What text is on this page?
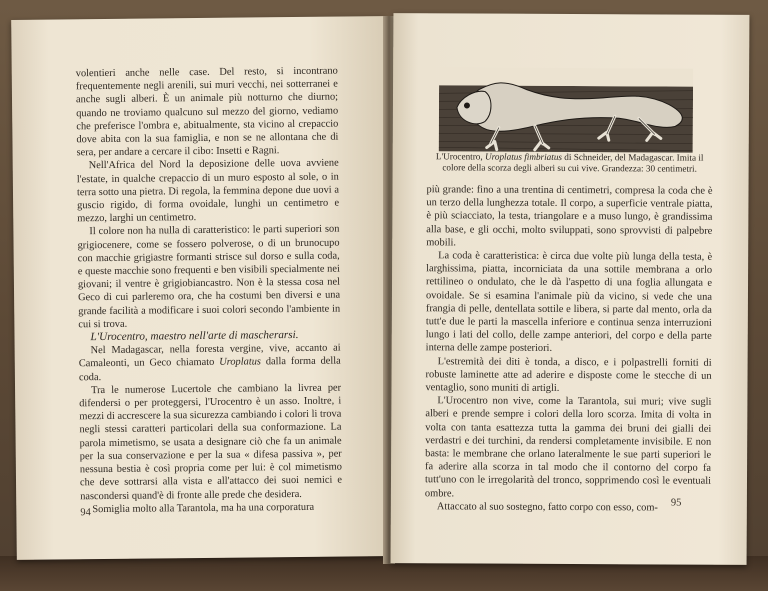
volentieri anche nelle case. Del resto, si incontrano frequentemente negli arenili, sui muri vecchi, nei sotterranei e anche sugli alberi. È un animale più notturno che diurno; quando ne troviamo qualcuno sul mezzo del giorno, vediamo che preferisce l'ombra e, abitualmente, sta vicino al crepaccio dove abita con la sua famiglia, e non se ne allontana che di sera, per andare a cercare il cibo: Insetti e Ragni.

Nell'Africa del Nord la deposizione delle uova avviene l'estate, in qualche crepaccio di un muro esposto al sole, o in terra sotto una pietra. Di regola, la femmina depone due uovi a guscio rigido, di forma ovoidale, lunghi un centimetro e mezzo, larghi un centimetro.

Il colore non ha nulla di caratteristico: le parti superiori son grigiocenere, come se fossero polverose, o di un brunocupo con macchie grigiastre formanti strisce sul dorso e sulla coda, e queste macchie sono frequenti e ben visibili specialmente nei giovani; il ventre è grigiobiancastro. Non è la stessa cosa nel Geco di cui parleremo ora, che ha costumi ben diversi e una grande facilità a modificare i suoi colori secondo l'ambiente in cui si trova.

L'Urocentro, maestro nell'arte di mascherarsi.

Nel Madagascar, nella foresta vergine, vive, accanto ai Camaleonti, un Geco chiamato Uroplatus dalla forma della coda.

Tra le numerose Lucertole che cambiano la livrea per difendersi o per proteggersi, l'Urocentro è un asso. Inoltre, i mezzi di accrescere la sua sicurezza cambiando i colori li trova negli stessi caratteri particolari della sua conformazione. La parola mimetismo, se usata a designare ciò che fa un animale per la sua conservazione e per la sua « difesa passiva », per nessuna bestia è così propria come per lui: è col mimetismo che deve sottrarsi alla vista e all'attacco dei suoi nemici e nascondersi quand'è di fronte alle prede che desidera.

Somiglia molto alla Tarantola, ma ha una corporatura

94
L'Urocentro, Uroplatus fimbriatus di Schneider, del Madagascar. Imita il colore della scorza degli alberi su cui vive. Grandezza: 30 centimetri.

più grande: fino a una trentina di centimetri, compresa la coda che è un terzo della lunghezza totale. Il corpo, a superficie ventrale piatta, è più sciacciato, la testa, triangolare e a muso lungo, è grandissima alla base, e gli occhi, molto sviluppati, sono sprovvisti di palpebre mobili.

La coda è caratteristica: è circa due volte più lunga della testa, è larghissima, piatta, incorniciata da una sottile membrana a orlo rettilineo o ondulato, che le dà l'aspetto di una foglia allungata e ovoidale. Se si esamina l'animale più da vicino, si vede che una frangia di pelle, dentellata sottile e libera, si parte dal mento, orla da tutt'e due le parti la mascella inferiore e continua senza interruzioni lungo i lati del collo, delle zampe anteriori, del corpo e della parte interna delle zampe posteriori.

L'estremità dei diti è tonda, a disco, e i polpastrelli forniti di robuste laminette atte ad aderire e disposte come le stecche di un ventaglio, sono muniti di artigli.

L'Urocentro non vive, come la Tarantola, sui muri; vive sugli alberi e prende sempre i colori della loro scorza. Imita di volta in volta con tanta esattezza tutta la gamma dei bruni dei gialli dei verdastri e dei turchini, da rendersi completamente invisibile. E non basta: le membrane che orlano lateralmente le sue parti superiori le fa aderire alla scorza in tal modo che il contorno del corpo fa tutt'uno con le irregolarità del tronco, sopprimendo così le eventuali ombre.

Attaccato al suo sostegno, fatto corpo con esso, com-	95
